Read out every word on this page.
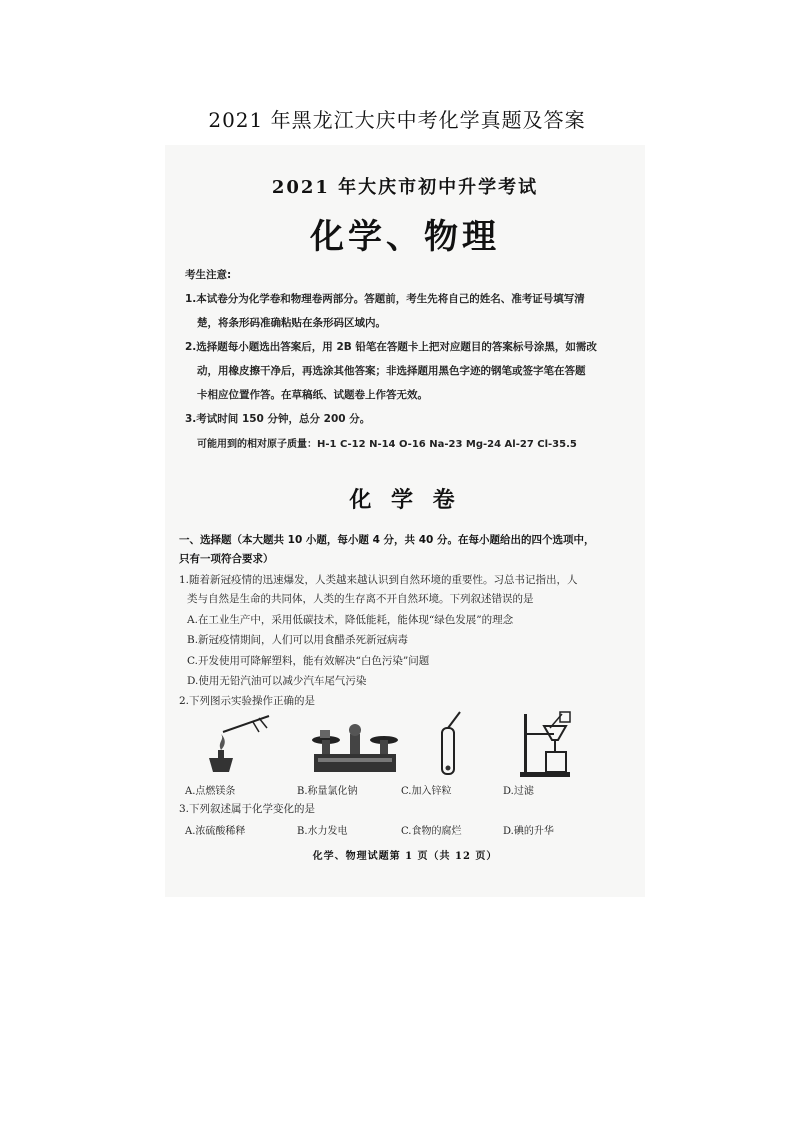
2021 年黑龙江大庆中考化学真题及答案
2021 年大庆市初中升学考试
化学、物理
考生注意:
1.本试卷分为化学卷和物理卷两部分。答题前，考生先将自己的姓名、准考证号填写清
楚，将条形码准确粘贴在条形码区域内。
2.选择题每小题选出答案后，用 2B 铅笔在答题卡上把对应题目的答案标号涂黑，如需改
动，用橡皮擦干净后，再选涂其他答案；非选择题用黑色字迹的钢笔或签字笔在答题
卡相应位置作答。在草稿纸、试题卷上作答无效。
3.考试时间 150 分钟，总分 200 分。
可能用到的相对原子质量：H-1 C-12 N-14 O-16 Na-23 Mg-24 Al-27 Cl-35.5
化 学 卷
一、选择题（本大题共 10 小题，每小题 4 分，共 40 分。在每小题给出的四个选项中，
只有一项符合要求）
1.随着新冠疫情的迅速爆发，人类越来越认识到自然环境的重要性。习总书记指出，人
类与自然是生命的共同体，人类的生存离不开自然环境。下列叙述错误的是
A.在工业生产中，采用低碳技术，降低能耗，能体现“绿色发展”的理念
B.新冠疫情期间，人们可以用食醋杀死新冠病毒
C.开发使用可降解塑料，能有效解决“白色污染”问题
D.使用无铅汽油可以减少汽车尾气污染
2.下列图示实验操作正确的是
A.点燃镁条	B.称量氯化钠	C.加入锌粒	D.过滤
3.下列叙述属于化学变化的是
A.浓硫酸稀释	B.水力发电	C.食物的腐烂	D.碘的升华
化学、物理试题第 1 页（共 12 页）
